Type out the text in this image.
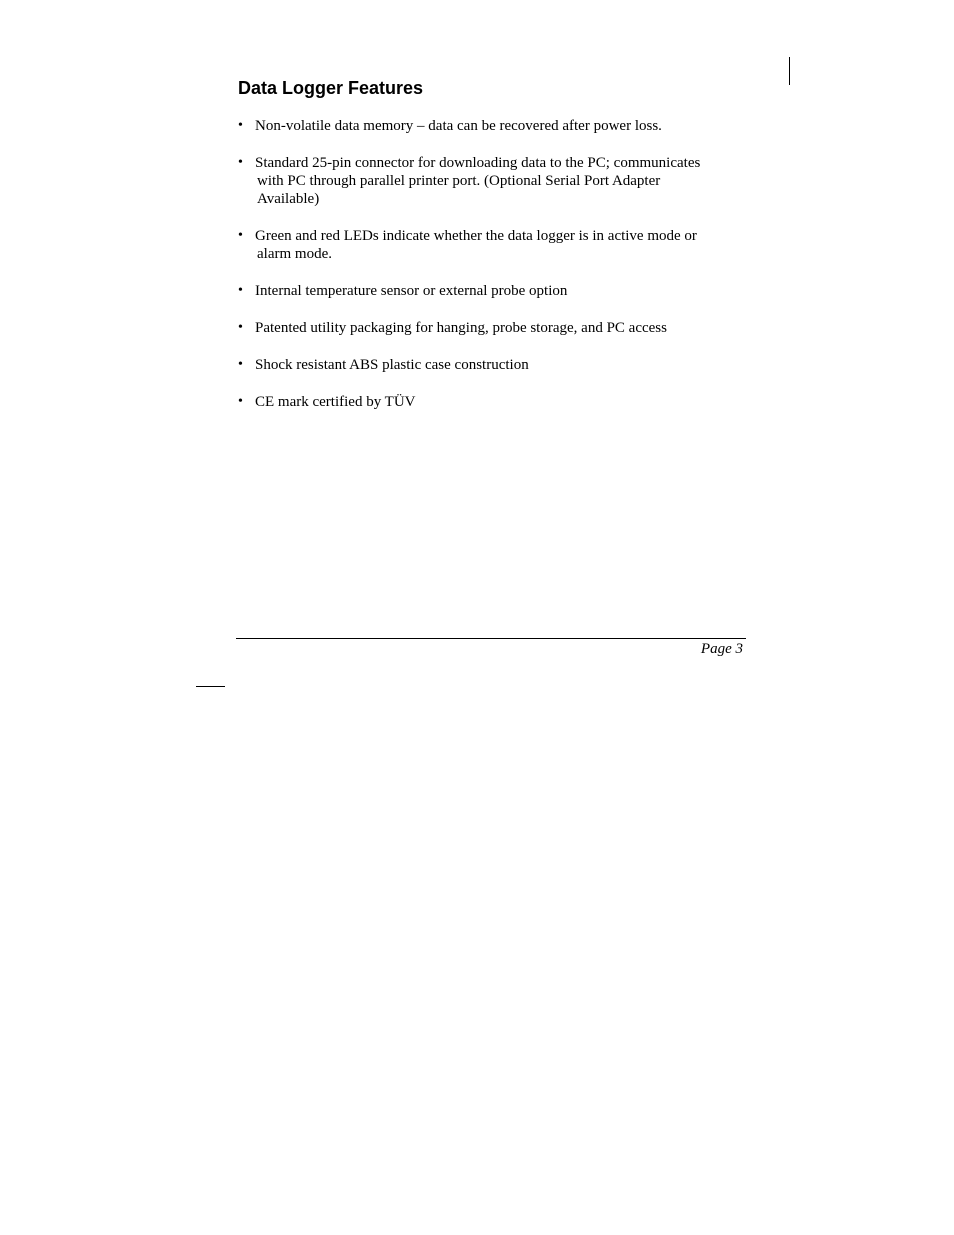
Data Logger Features
• Non-volatile data memory – data can be recovered after power loss.
• Standard 25-pin connector for downloading data to the PC; communicates
with PC through parallel printer port. (Optional Serial Port Adapter
Available)
• Green and red LEDs indicate whether the data logger is in active mode or
alarm mode.
• Internal temperature sensor or external probe option
• Patented utility packaging for hanging, probe storage, and PC access
• Shock resistant ABS plastic case construction
• CE mark certified by TÜV
Page 3
